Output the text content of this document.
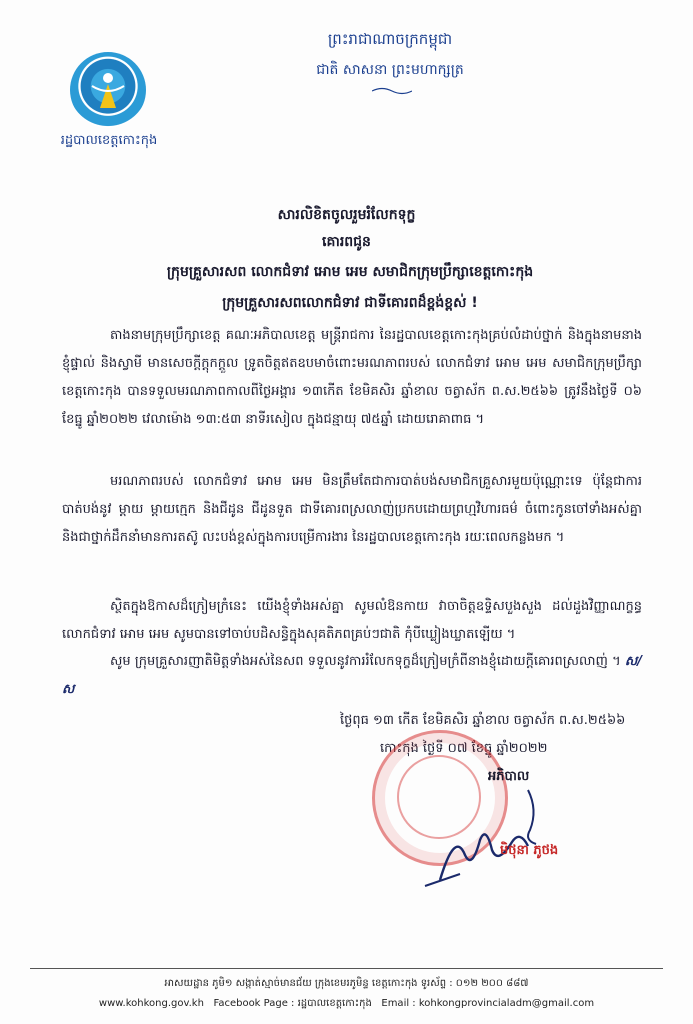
រដ្ឋបាលខេត្តកោះកុង
ព្រះរាជាណាចក្រកម្ពុជា
ជាតិ សាសនា ព្រះមហាក្សត្រ
សារលិខិតចូលរួមរំលែកទុក្ខ
គោរពជូន
ក្រុមគ្រួសារសព លោកជំទាវ អោម អេម សមាជិកក្រុមប្រឹក្សាខេត្តកោះកុង
ក្រុមគ្រួសារសពលោកជំទាវ ជាទីគោរពដ៏ខ្ពង់ខ្ពស់ !
តាងនាមក្រុមប្រឹក្សាខេត្ត គណៈអភិបាលខេត្ត មន្ត្រីរាជការ នៃរដ្ឋបាលខេត្តកោះកុងគ្រប់លំដាប់ថ្នាក់ និងក្នុងនាមនាងខ្ញុំផ្ទាល់ និងស្វាមី មានសេចក្តីក្តុកក្តួល ទ្រូតចិត្តឥតឧបមាចំពោះមរណភាពរបស់ លោកជំទាវ អោម អេម សមាជិកក្រុមប្រឹក្សាខេត្តកោះកុង បានទទួលមរណភាពកាលពីថ្ងៃអង្គារ ១៣កើត ខែមិគសិរ ឆ្នាំខាល ចត្វាស័ក ព.ស.២៥៦៦ ត្រូវនឹងថ្ងៃទី ០៦ ខែធ្នូ ឆ្នាំ២០២២ វេលាម៉ោង ១៣:៥៣ នាទីរសៀល ក្នុងជន្មាយុ ៧៥ឆ្នាំ ដោយរោគាពាធ ។
មរណភាពរបស់ លោកជំទាវ អោម អេម មិនត្រឹមតែជាការបាត់បង់សមាជិកគ្រួសារមួយប៉ុណ្ណោះទេ ប៉ុន្តែជាការបាត់បង់នូវ ម្តាយ ម្តាយក្មេក និងជីដូន ជីដូនទួត ជាទីគោរពស្រលាញ់ប្រកបដោយព្រហ្មវិហារធម៌ ចំពោះកូនចៅទាំងអស់គ្នា និងជាថ្នាក់ដឹកនាំមានការតស៊ូ លះបង់ខ្ពស់ក្នុងការបម្រើការងារ នៃរដ្ឋបាលខេត្តកោះកុង រយៈពេលកន្លងមក ។
ស្ថិតក្នុងឱកាសដ៏ក្រៀមក្រំនេះ យើងខ្ញុំទាំងអស់គ្នា សូមលំឱនកាយ វាចាចិត្តឧទ្ទិសបួងសួង ដល់ដួងវិញ្ញាណក្ខន្ធ លោកជំទាវ អោម អេម សូមបានទៅចាប់បដិសន្ធិក្នុងសុគតិភពគ្រប់ៗជាតិ កុំបីឃ្លៀងឃ្លាតឡើយ ។
សូម ក្រុមគ្រួសារញាតិមិត្តទាំងអស់នៃសព ទទួលនូវការរំលែកទុក្ខដ៏ក្រៀមក្រំពីនាងខ្ញុំដោយក្តីគោរពស្រលាញ់ ។ ស/ស
ថ្ងៃពុធ ១៣ កើត ខែមិគសិរ ឆ្នាំខាល ចត្វាស័ក ព.ស.២៥៦៦
កោះកុង ថ្ងៃទី ០៧ ខែធ្នូ ឆ្នាំ២០២២
អភិបាល
មិថុនា ភូថង
អាសយដ្ឋាន ភូមិ១ សង្កាត់ស្មាច់មានជ័យ ក្រុងខេមរភូមិន្ទ ខេត្តកោះកុង ទូរស័ព្ទ : ០១២ ២០០ ៨៨៧
www.kohkong.gov.kh Facebook Page : រដ្ឋបាលខេត្តកោះកុង Email : kohkongprovincialadm@gmail.com
